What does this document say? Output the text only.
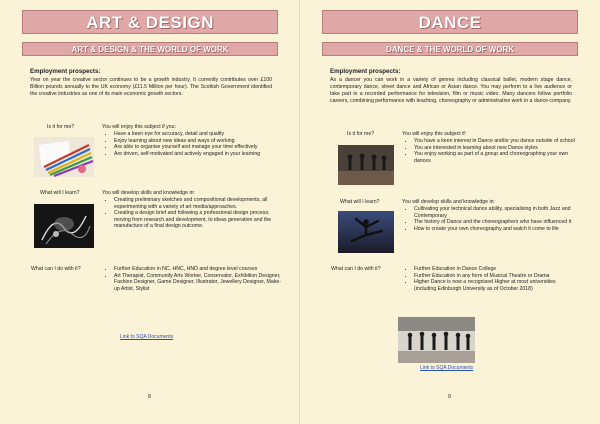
ART & DESIGN
ART & DESIGN & THE WORLD OF WORK
Employment prospects:
Year on year the creative sector continues to be a growth industry. It currently contributes over £100 Billion pounds annually to the UK economy (£11.5 Million per hour). The Scottish Government identified the creative industries as one of its main economic growth sectors.
Is it for me?	You will enjoy this subject if you:
• Have a keen eye for accuracy, detail and quality
• Enjoy learning about new ideas and ways of working
• Are able to organise yourself and manage your time effectively
• Are driven, self-motivated and actively engaged in your learning
What will I learn?	You will develop skills and knowledge in:
• Creating preliminary sketches and compositional developments, all experimenting with a variety of art media/approaches.
• Creating a design brief and following a professional design process; moving from research and development, to ideas generation and the manufacture of a final design outcome.
What can I do with it?	• Further Education in NC, HNC, HND and degree level courses
• Art Therapist, Community Arts Worker, Conservator, Exhibition Designer, Fashion Designer, Game Designer, Illustrator, Jewellery Designer, Make-up Artist, Stylist
Link to SQA Documents
8
DANCE
DANCE & THE WORLD OF WORK
Employment prospects:
As a dancer you can work in a variety of genres including classical ballet, modern stage dance, contemporary dance, street dance and African or Asian dance. You may perform to a live audience or take part in a recorded performance for television, film or music video. Many dancers follow portfolio careers, combining performance with teaching, choreography or administrative work in a dance company.
Is it for me?	You will enjoy this subject if:
• You have a keen interest in Dance and/or you dance outside of school
• You are interested in learning about new Dance styles
• You enjoy working as part of a group and choreographing your own dances
What will I learn?	You will develop skills and knowledge in:
• Cultivating your technical dance ability, specialising in both Jazz and Contemporary
• The history of Dance and the choreographers who have influenced it
• How to create your own choreography and watch it come to life
What can I do with it?	• Further Education in Dance College
• Further Education in any form of Musical Theatre or Drama
• Higher Dance is now a recognised Higher at most universities (including Edinburgh University as of October 2018)
Link to SQA Documents
9
